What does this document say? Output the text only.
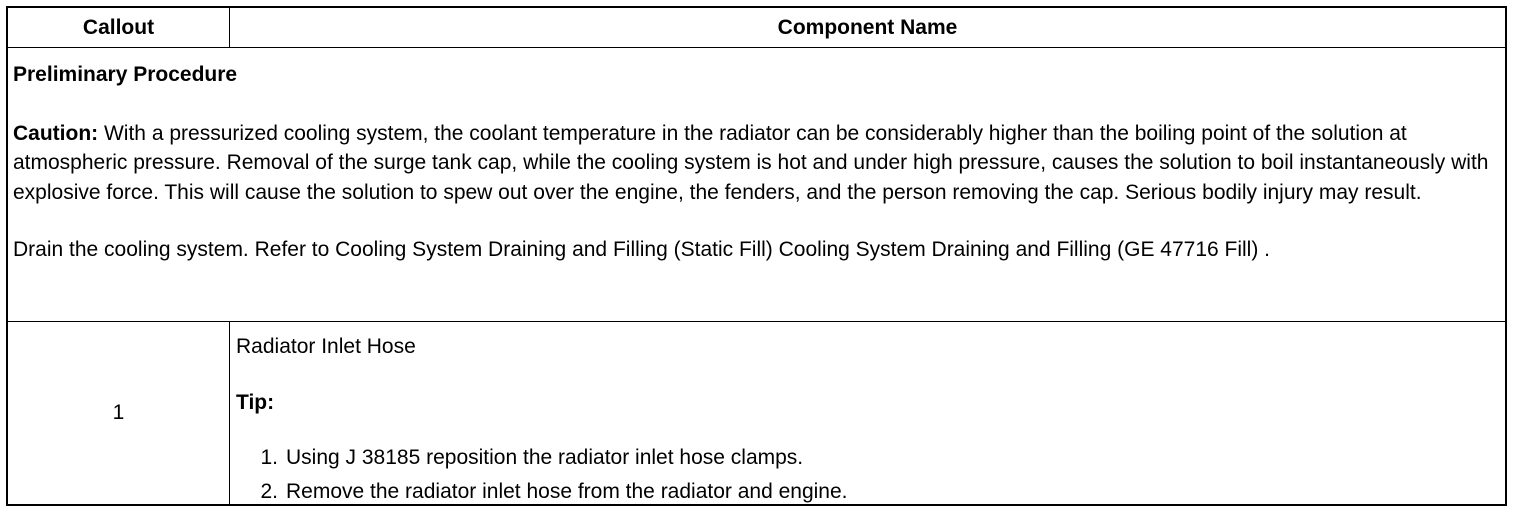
Callout	Component Name

Preliminary Procedure

Caution: With a pressurized cooling system, the coolant temperature in the radiator can be considerably higher than the boiling point of the solution at atmospheric pressure. Removal of the surge tank cap, while the cooling system is hot and under high pressure, causes the solution to boil instantaneously with explosive force. This will cause the solution to spew out over the engine, the fenders, and the person removing the cap. Serious bodily injury may result.

Drain the cooling system. Refer to Cooling System Draining and Filling (Static Fill) Cooling System Draining and Filling (GE 47716 Fill) .

1

Radiator Inlet Hose

Tip:

1. Using J 38185 reposition the radiator inlet hose clamps.
2. Remove the radiator inlet hose from the radiator and engine.
